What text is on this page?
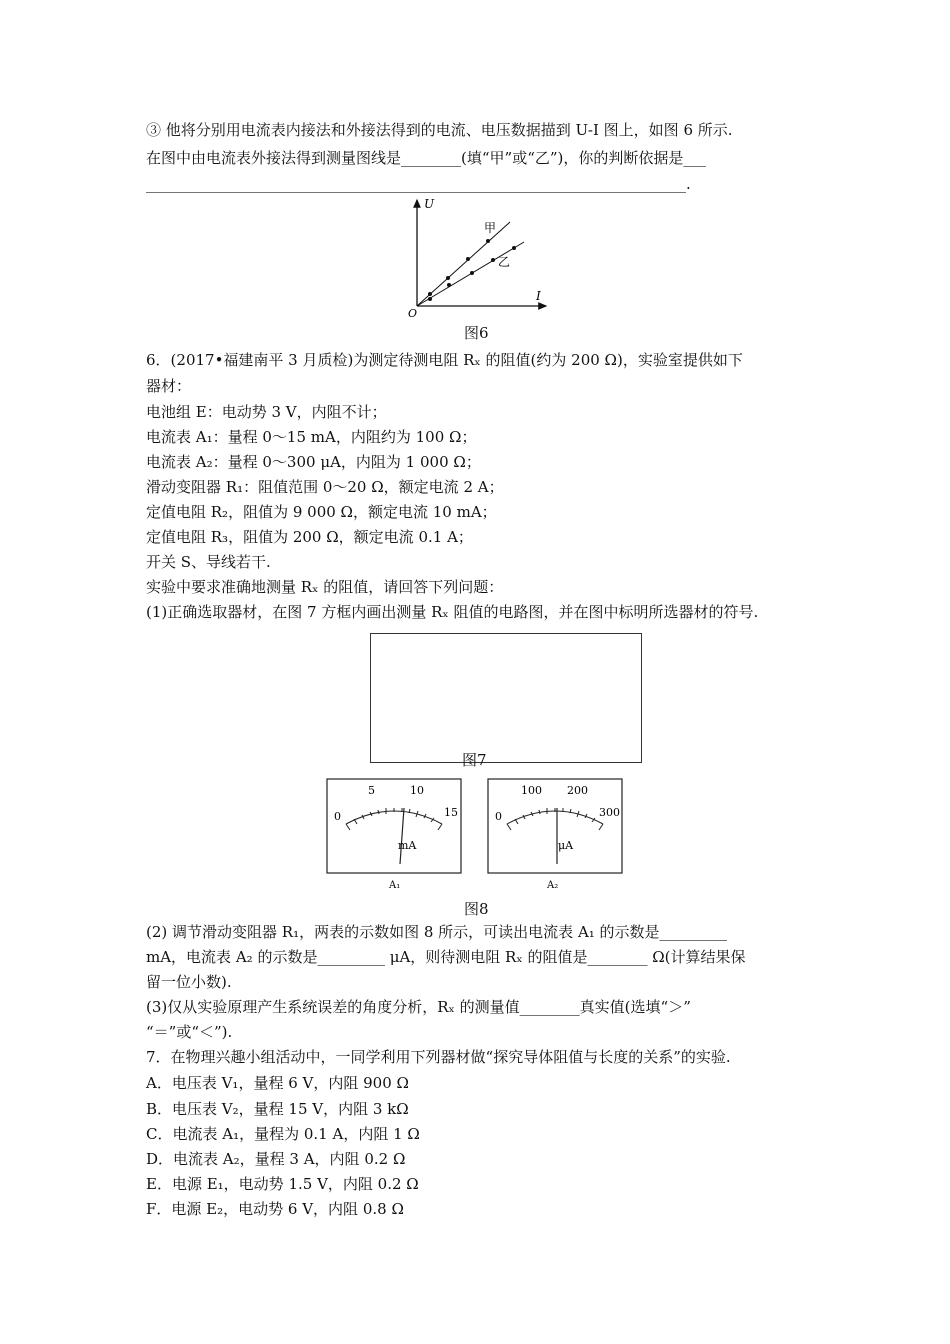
③ 他将分别用电流表内接法和外接法得到的电流、电压数据描到 U-I 图上，如图 6 所示.
在图中由电流表外接法得到测量图线是________(填“甲”或“乙”)，你的判断依据是___
________________________________________________________________________.
U
I
O
甲
乙
图6
6．(2017•福建南平 3 月质检)为测定待测电阻 Rₓ 的阻值(约为 200 Ω)，实验室提供如下
器材：
电池组 E：电动势 3 V，内阻不计；
电流表 A₁：量程 0～15 mA，内阻约为 100 Ω；
电流表 A₂：量程 0～300 μA，内阻为 1 000 Ω；
滑动变阻器 R₁：阻值范围 0～20 Ω，额定电流 2 A；
定值电阻 R₂，阻值为 9 000 Ω，额定电流 10 mA；
定值电阻 R₃，阻值为 200 Ω，额定电流 0.1 A；
开关 S、导线若干.
实验中要求准确地测量 Rₓ 的阻值，请回答下列问题：
(1)正确选取器材，在图 7 方框内画出测量 Rₓ 阻值的电路图，并在图中标明所选器材的符号.
图7
0
5	10
15
mA
A₁
0
100 200
300
μA
A₂
图8
(2) 调节滑动变阻器 R₁，两表的示数如图 8 所示，可读出电流表 A₁ 的示数是_________
mA，电流表 A₂ 的示数是_________ μA，则待测电阻 Rₓ 的阻值是________ Ω(计算结果保
留一位小数).
(3)仅从实验原理产生系统误差的角度分析，Rₓ 的测量值________真实值(选填“＞”
“＝”或“＜”).
7．在物理兴趣小组活动中，一同学利用下列器材做“探究导体阻值与长度的关系”的实验.
A．电压表 V₁，量程 6 V，内阻 900 Ω
B．电压表 V₂，量程 15 V，内阻 3 kΩ
C．电流表 A₁，量程为 0.1 A，内阻 1 Ω
D．电流表 A₂，量程 3 A，内阻 0.2 Ω
E．电源 E₁，电动势 1.5 V，内阻 0.2 Ω
F．电源 E₂，电动势 6 V，内阻 0.8 Ω
